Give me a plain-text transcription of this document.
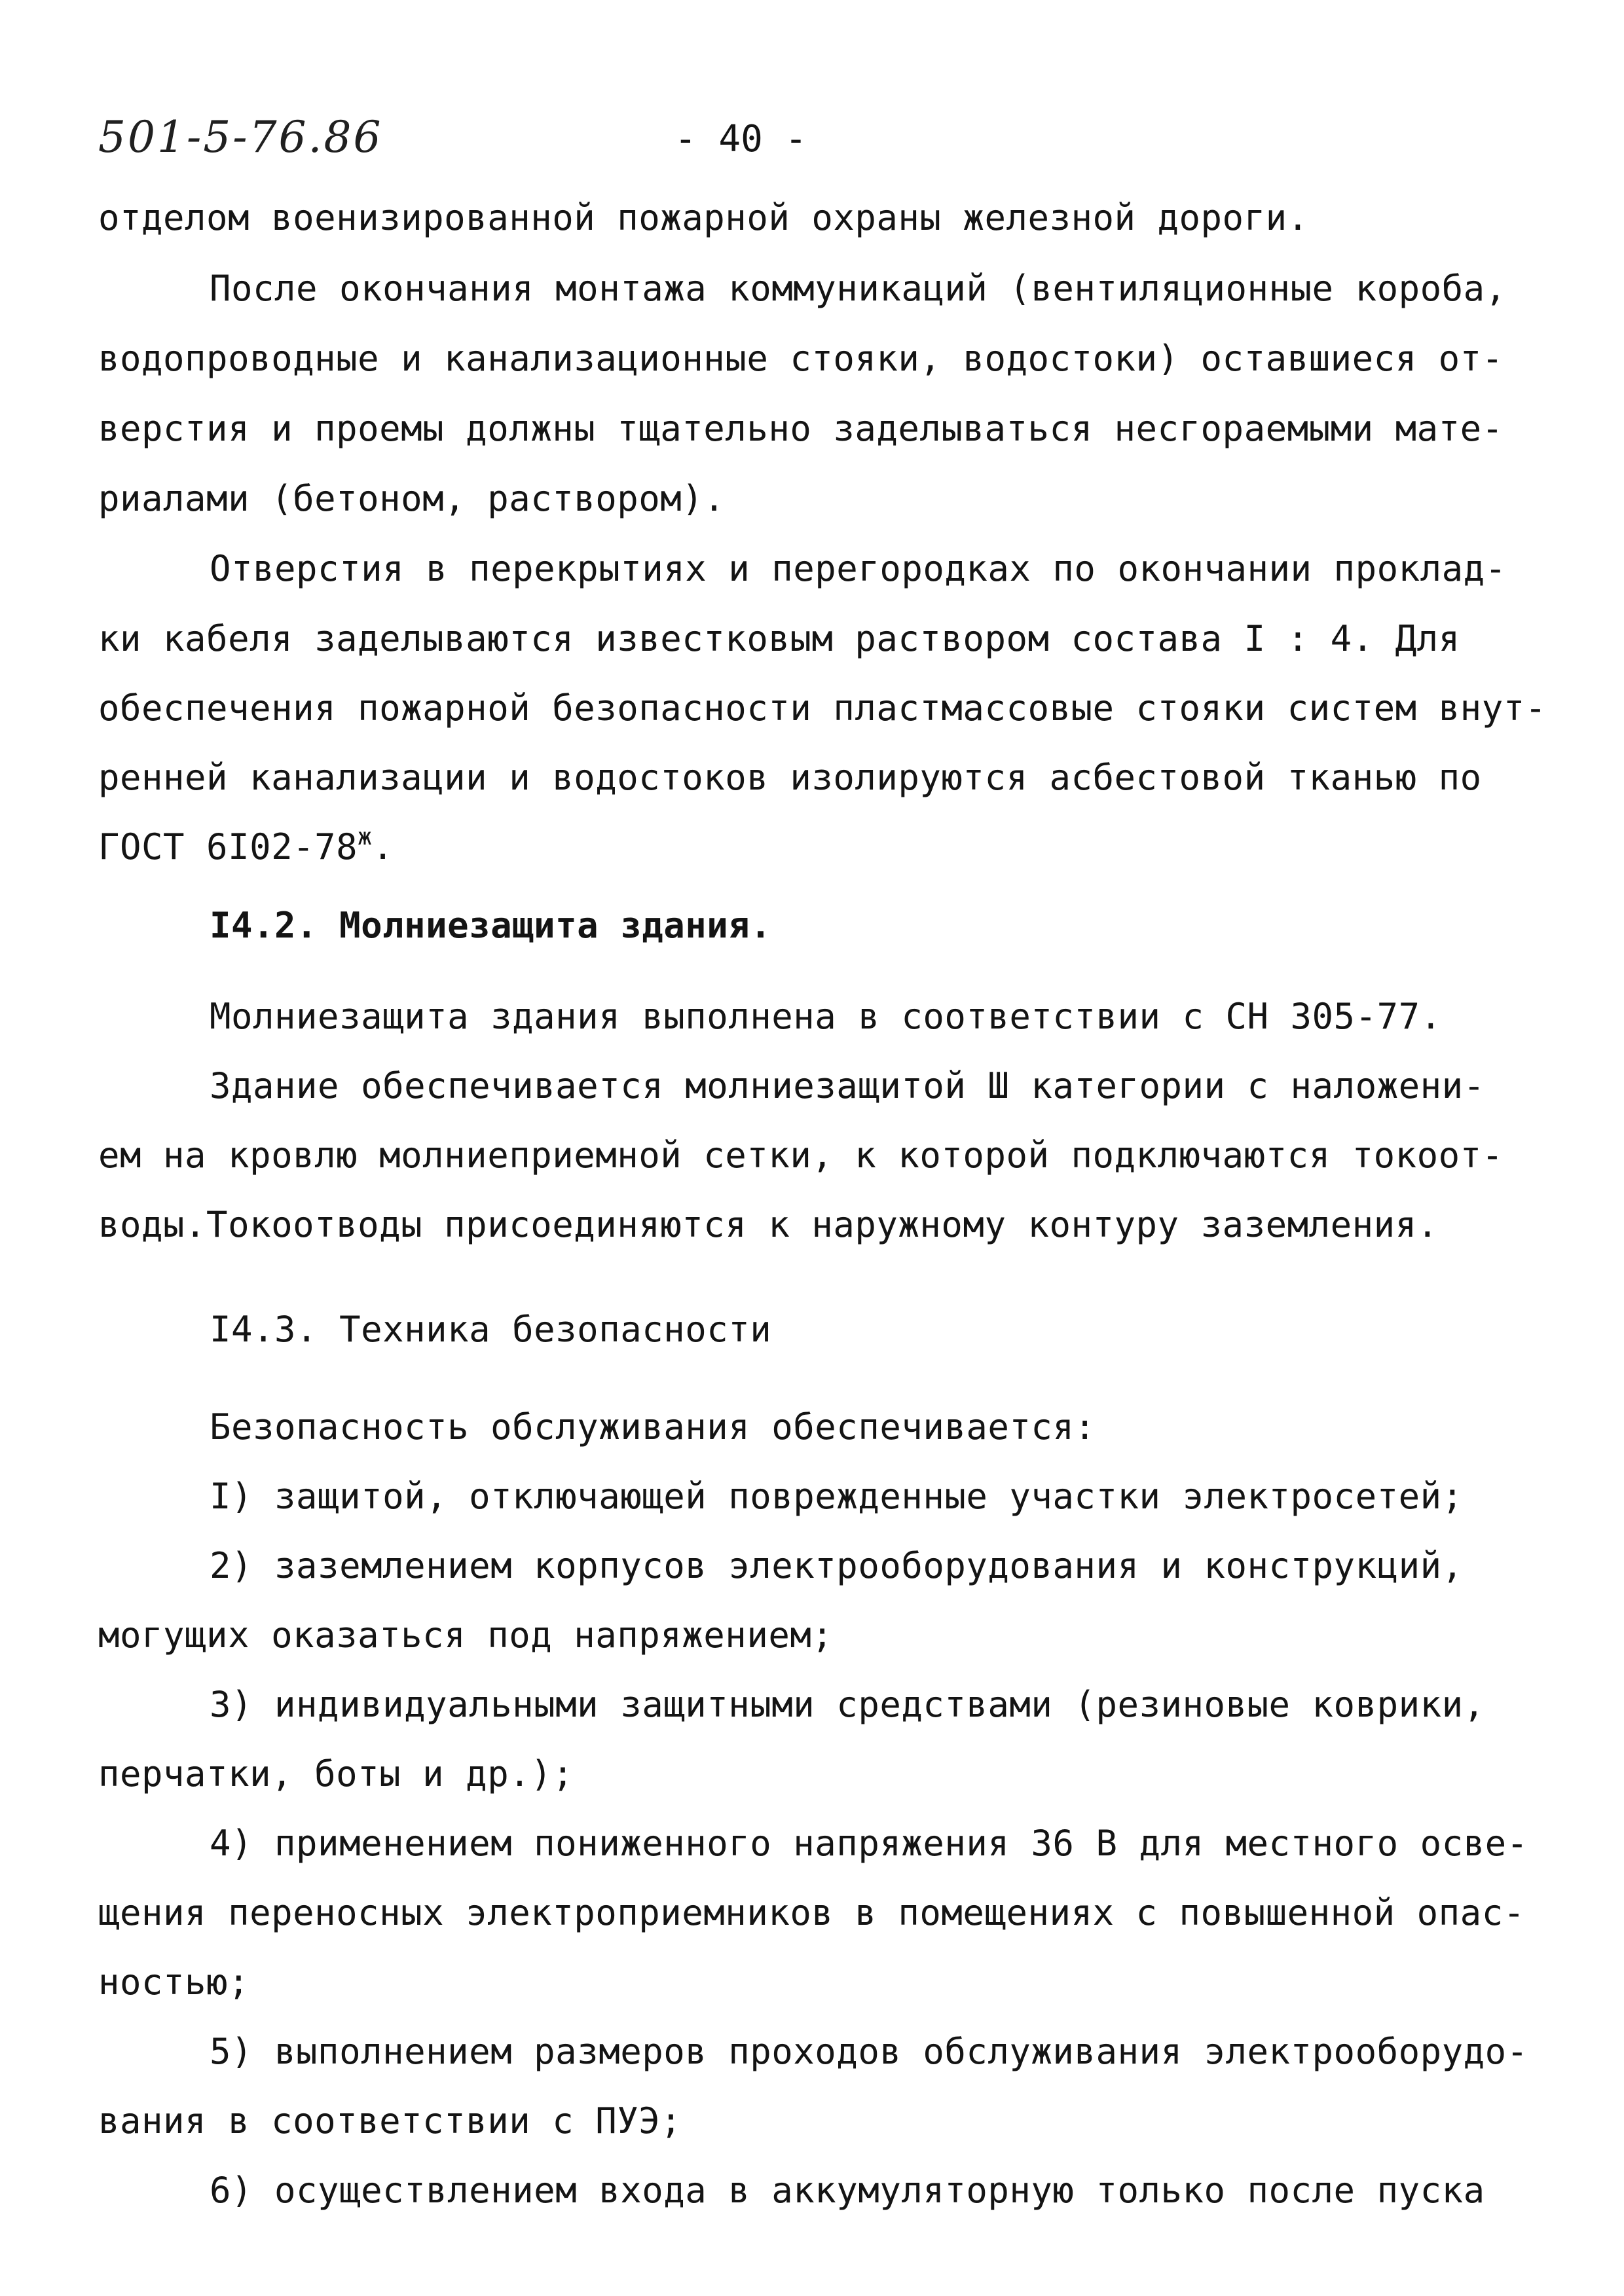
501-5-76.86	- 40 -
отделом военизированной пожарной охраны железной дороги.
После окончания монтажа коммуникаций (вентиляционные короба,
водопроводные и канализационные стояки, водостоки) оставшиеся от-
верстия и проемы должны тщательно заделываться несгораемыми мате-
риалами (бетоном, раствором).
Отверстия в перекрытиях и перегородках по окончании проклад-
ки кабеля заделываются известковым раствором состава I : 4. Для
обеспечения пожарной безопасности пластмассовые стояки систем внут-
ренней канализации и водостоков изолируются асбестовой тканью по
ГОСТ $6I02-78^ж$.
I4.2. Молниезащита здания.
Молниезащита здания выполнена в соответствии с СН 305-77.
Здание обеспечивается молниезащитой Ш категории с наложени-
ем на кровлю молниеприемной сетки, к которой подключаются токоот-
воды.Токоотводы присоединяются к наружному контуру заземления.
I4.3. Техника безопасности
Безопасность обслуживания обеспечивается:
I) защитой, отключающей поврежденные участки электросетей;
2) заземлением корпусов электрооборудования и конструкций,
могущих оказаться под напряжением;
3) индивидуальными защитными средствами (резиновые коврики,
перчатки, боты и др.);
4) применением пониженного напряжения 36 В для местного осве-
щения переносных электроприемников в помещениях с повышенной опас-
ностью;
5) выполнением размеров проходов обслуживания электрооборудо-
вания в соответствии с ПУЭ;
6) осуществлением входа в аккумуляторную только после пуска
